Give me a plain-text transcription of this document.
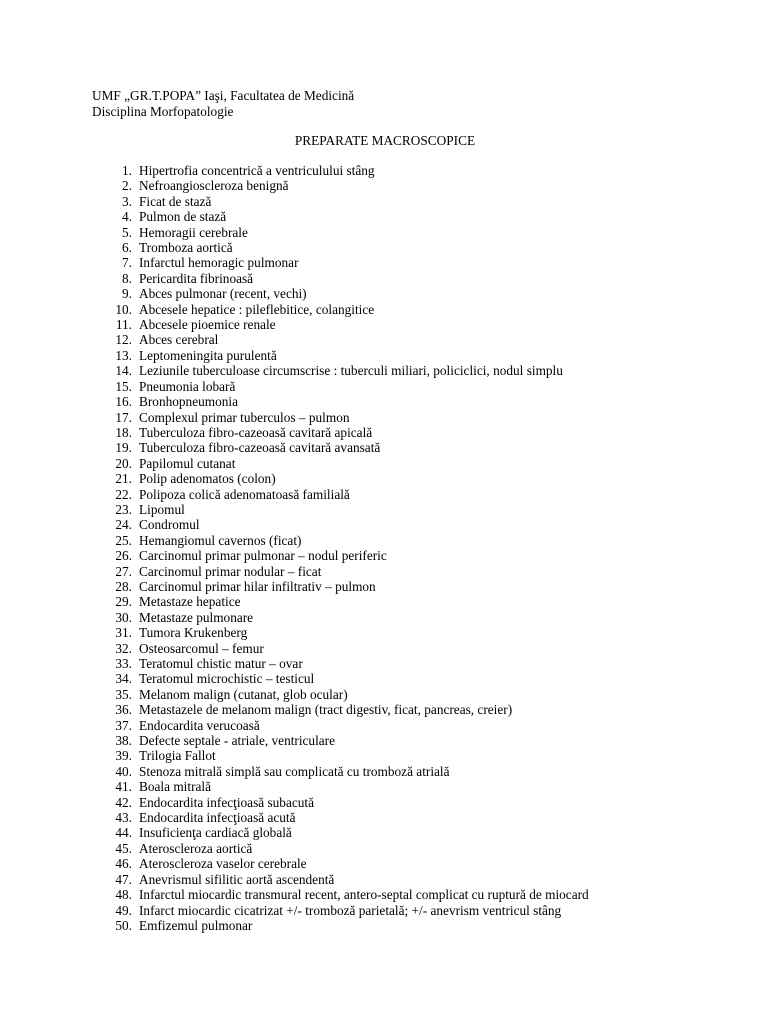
UMF „GR.T.POPA” Iaşi, Facultatea de Medicină
Disciplina Morfopatologie
PREPARATE MACROSCOPICE
1. Hipertrofia concentrică a ventriculului stâng
2. Nefroangioscleroza benignă
3. Ficat de stază
4. Pulmon de stază
5. Hemoragii cerebrale
6. Tromboza aortică
7. Infarctul hemoragic pulmonar
8. Pericardita fibrinoasă
9. Abces pulmonar (recent, vechi)
10. Abcesele hepatice : pileflebitice, colangitice
11. Abcesele pioemice renale
12. Abces cerebral
13. Leptomeningita purulentă
14. Leziunile tuberculoase circumscrise : tuberculi miliari, policiclici, nodul simplu
15. Pneumonia lobară
16. Bronhopneumonia
17. Complexul primar tuberculos – pulmon
18. Tuberculoza fibro-cazeoasă cavitară apicală
19. Tuberculoza fibro-cazeoasă cavitară avansată
20. Papilomul cutanat
21. Polip adenomatos (colon)
22. Polipoza colică adenomatoasă familială
23. Lipomul
24. Condromul
25. Hemangiomul cavernos (ficat)
26. Carcinomul primar pulmonar – nodul periferic
27. Carcinomul primar nodular – ficat
28. Carcinomul primar hilar infiltrativ – pulmon
29. Metastaze hepatice
30. Metastaze pulmonare
31. Tumora Krukenberg
32. Osteosarcomul – femur
33. Teratomul chistic matur – ovar
34. Teratomul microchistic – testicul
35. Melanom malign (cutanat, glob ocular)
36. Metastazele de melanom malign (tract digestiv, ficat, pancreas, creier)
37. Endocardita verucoasă
38. Defecte septale - atriale, ventriculare
39. Trilogia Fallot
40. Stenoza mitrală simplă sau complicată cu tromboză atrială
41. Boala mitrală
42. Endocardita infecţioasă subacută
43. Endocardita infecţioasă acută
44. Insuficienţa cardiacă globală
45. Ateroscleroza aortică
46. Ateroscleroza vaselor cerebrale
47. Anevrismul sifilitic aortă ascendentă
48. Infarctul miocardic transmural recent, antero-septal complicat cu ruptură de miocard
49. Infarct miocardic cicatrizat +/- tromboză parietală; +/- anevrism ventricul stâng
50. Emfizemul pulmonar
